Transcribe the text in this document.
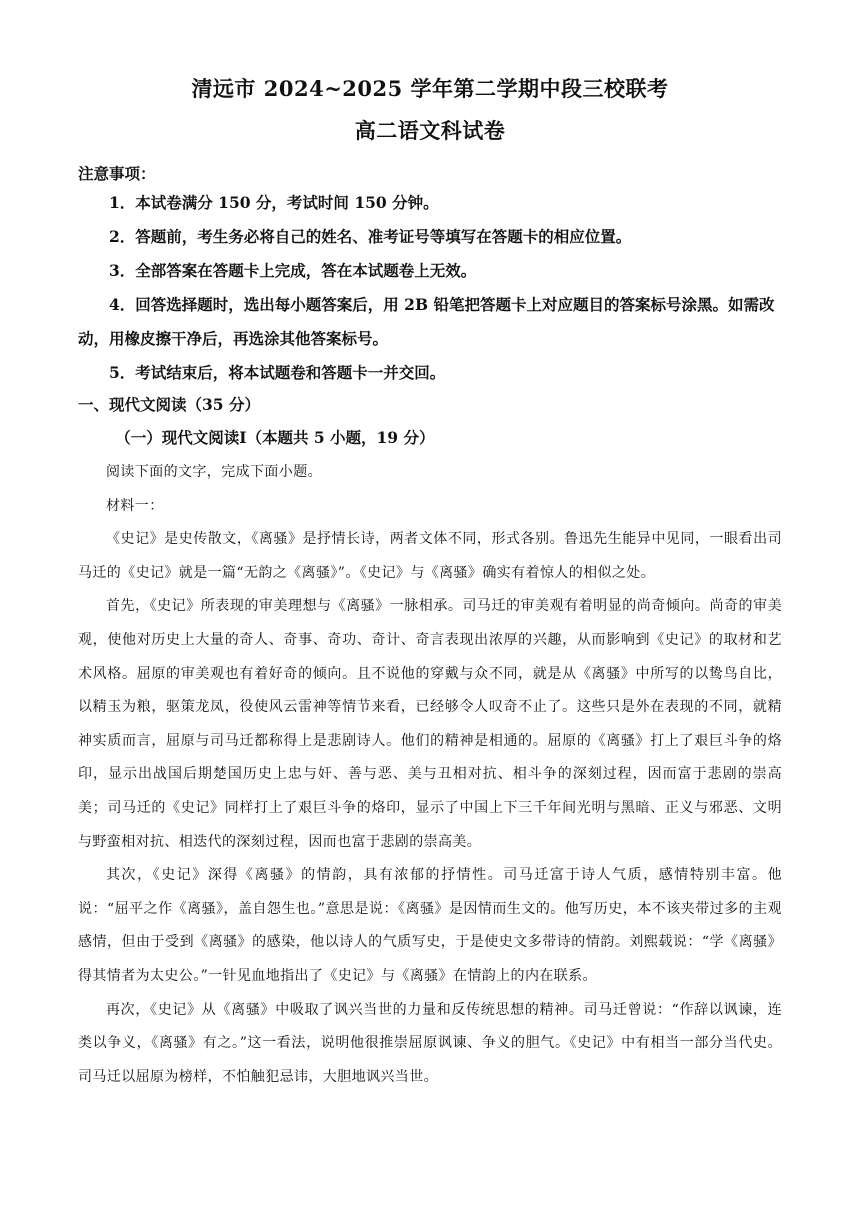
清远市 2024~2025 学年第二学期中段三校联考
高二语文科试卷
注意事项：

1．本试卷满分 150 分，考试时间 150 分钟。

2．答题前，考生务必将自己的姓名、准考证号等填写在答题卡的相应位置。

3．全部答案在答题卡上完成，答在本试题卷上无效。

4．回答选择题时，选出每小题答案后，用 2B 铅笔把答题卡上对应题目的答案标号涂黑。如需改动，用橡皮擦干净后，再选涂其他答案标号。

5．考试结束后，将本试题卷和答题卡一并交回。

一、现代文阅读（35 分）
（一）现代文阅读Ⅰ（本题共 5 小题，19 分）

阅读下面的文字，完成下面小题。

材料一：

《史记》是史传散文，《离骚》是抒情长诗，两者文体不同，形式各别。鲁迅先生能异中见同，一眼看出司马迁的《史记》就是一篇“无韵之《离骚》”。《史记》与《离骚》确实有着惊人的相似之处。

首先，《史记》所表现的审美理想与《离骚》一脉相承。司马迁的审美观有着明显的尚奇倾向。尚奇的审美观，使他对历史上大量的奇人、奇事、奇功、奇计、奇言表现出浓厚的兴趣，从而影响到《史记》的取材和艺术风格。屈原的审美观也有着好奇的倾向。且不说他的穿戴与众不同，就是从《离骚》中所写的以鸷鸟自比，以精玉为粮，驱策龙凤，役使风云雷神等情节来看，已经够令人叹奇不止了。这些只是外在表现的不同，就精神实质而言，屈原与司马迁都称得上是悲剧诗人。他们的精神是相通的。屈原的《离骚》打上了艰巨斗争的烙印，显示出战国后期楚国历史上忠与奸、善与恶、美与丑相对抗、相斗争的深刻过程，因而富于悲剧的崇高美；司马迁的《史记》同样打上了艰巨斗争的烙印，显示了中国上下三千年间光明与黑暗、正义与邪恶、文明与野蛮相对抗、相迭代的深刻过程，因而也富于悲剧的崇高美。

其次，《史记》深得《离骚》的情韵，具有浓郁的抒情性。司马迁富于诗人气质，感情特别丰富。他说：“屈平之作《离骚》，盖自怨生也。”意思是说：《离骚》是因情而生文的。他写历史，本不该夹带过多的主观感情，但由于受到《离骚》的感染，他以诗人的气质写史，于是使史文多带诗的情韵。刘熙载说：“学《离骚》得其情者为太史公。”一针见血地指出了《史记》与《离骚》在情韵上的内在联系。

再次，《史记》从《离骚》中吸取了讽兴当世的力量和反传统思想的精神。司马迁曾说：“作辞以讽谏，连类以争义，《离骚》有之。”这一看法，说明他很推崇屈原讽谏、争义的胆气。《史记》中有相当一部分当代史。司马迁以屈原为榜样，不怕触犯忌讳，大胆地讽兴当世。
